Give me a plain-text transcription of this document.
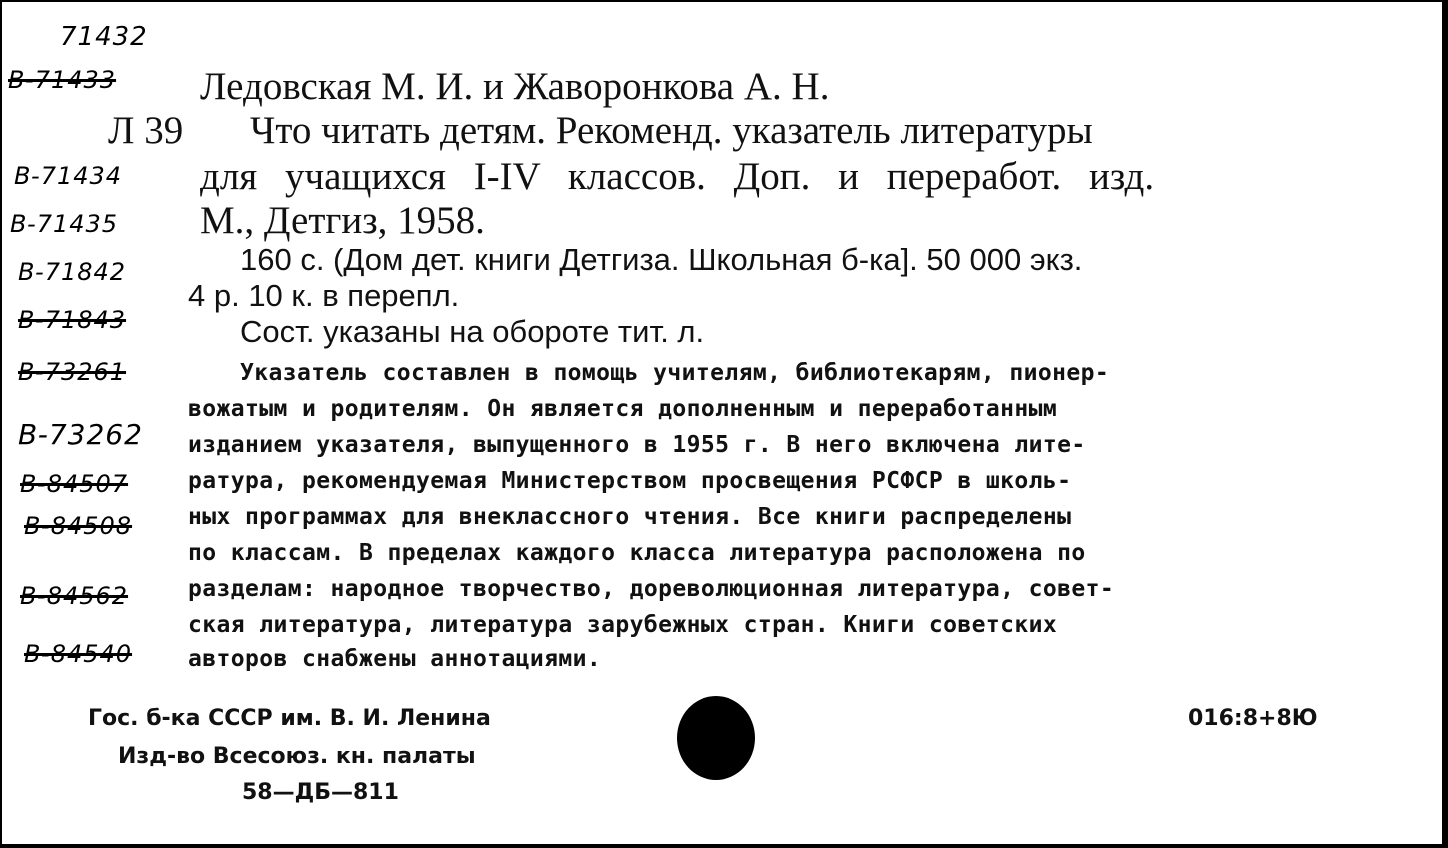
71432
B-71433
B-71434
B-71435
B-71842
B-71843
B-73261
B-73262
B-84507
B-84508
B-84562
B-84540
Ледовская М. И. и Жаворонкова А. Н.
Л 39 Что читать детям. Рекоменд. указатель литературы
для учащихся I-IV классов. Доп. и переработ. изд.
М., Детгиз, 1958.
160 с. (Дом дет. книги Детгиза. Школьная б-ка]. 50 000 экз.
4 р. 10 к. в перепл.
Сост. указаны на обороте тит. л.
Указатель составлен в помощь учителям, библиотекарям, пионер-
вожатым и родителям. Он является дополненным и переработанным
изданием указателя, выпущенного в 1955 г. В него включена лите-
ратура, рекомендуемая Министерством просвещения РСФСР в школь-
ных программах для внеклассного чтения. Все книги распределены
по классам. В пределах каждого класса литература расположена по
разделам: народное творчество, дореволюционная литература, совет-
ская литература, литература зарубежных стран. Книги советских
авторов снабжены аннотациями.
Гос. б-ка СССР им. В. И. Ленина
Изд-во Всесоюз. кн. палаты
58—ДБ—811
016:8+8Ю
